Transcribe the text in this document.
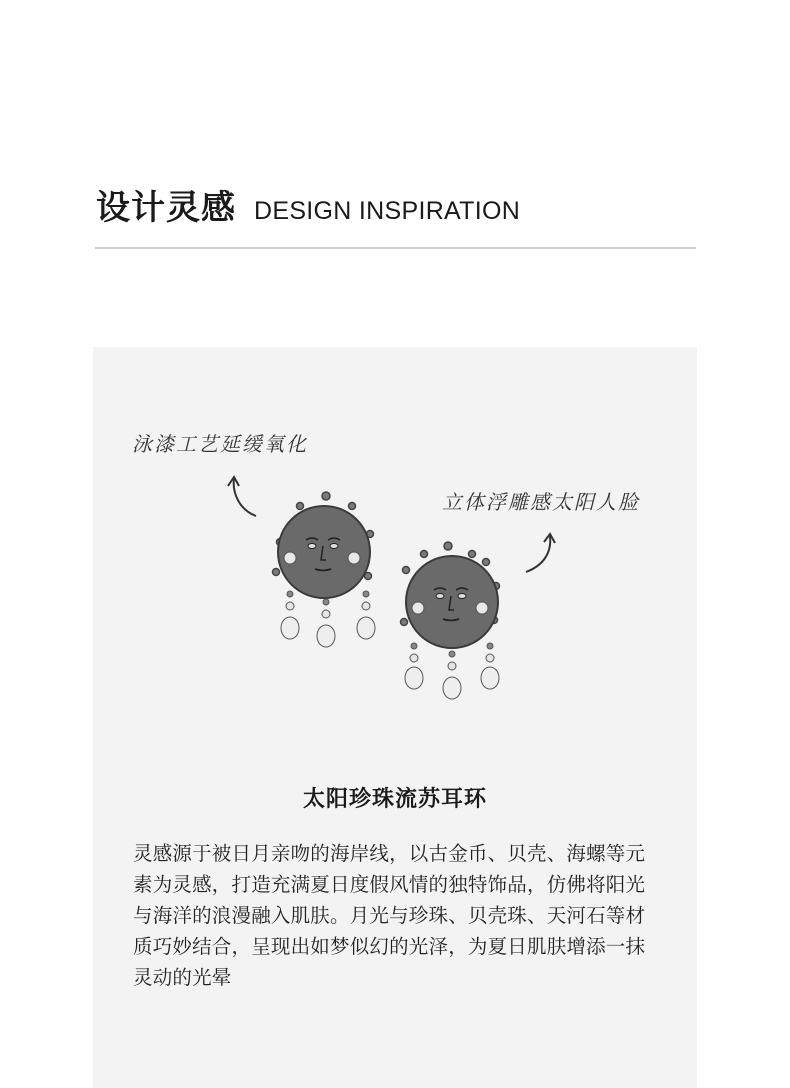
设计灵感 DESIGN INSPIRATION
泳漆工艺延缓氧化
立体浮雕感太阳人脸
太阳珍珠流苏耳环
灵感源于被日月亲吻的海岸线，以古金币、贝壳、海螺等元素为灵感，打造充满夏日度假风情的独特饰品，仿佛将阳光与海洋的浪漫融入肌肤。月光与珍珠、贝壳珠、天河石等材质巧妙结合，呈现出如梦似幻的光泽，为夏日肌肤增添一抹灵动的光晕
